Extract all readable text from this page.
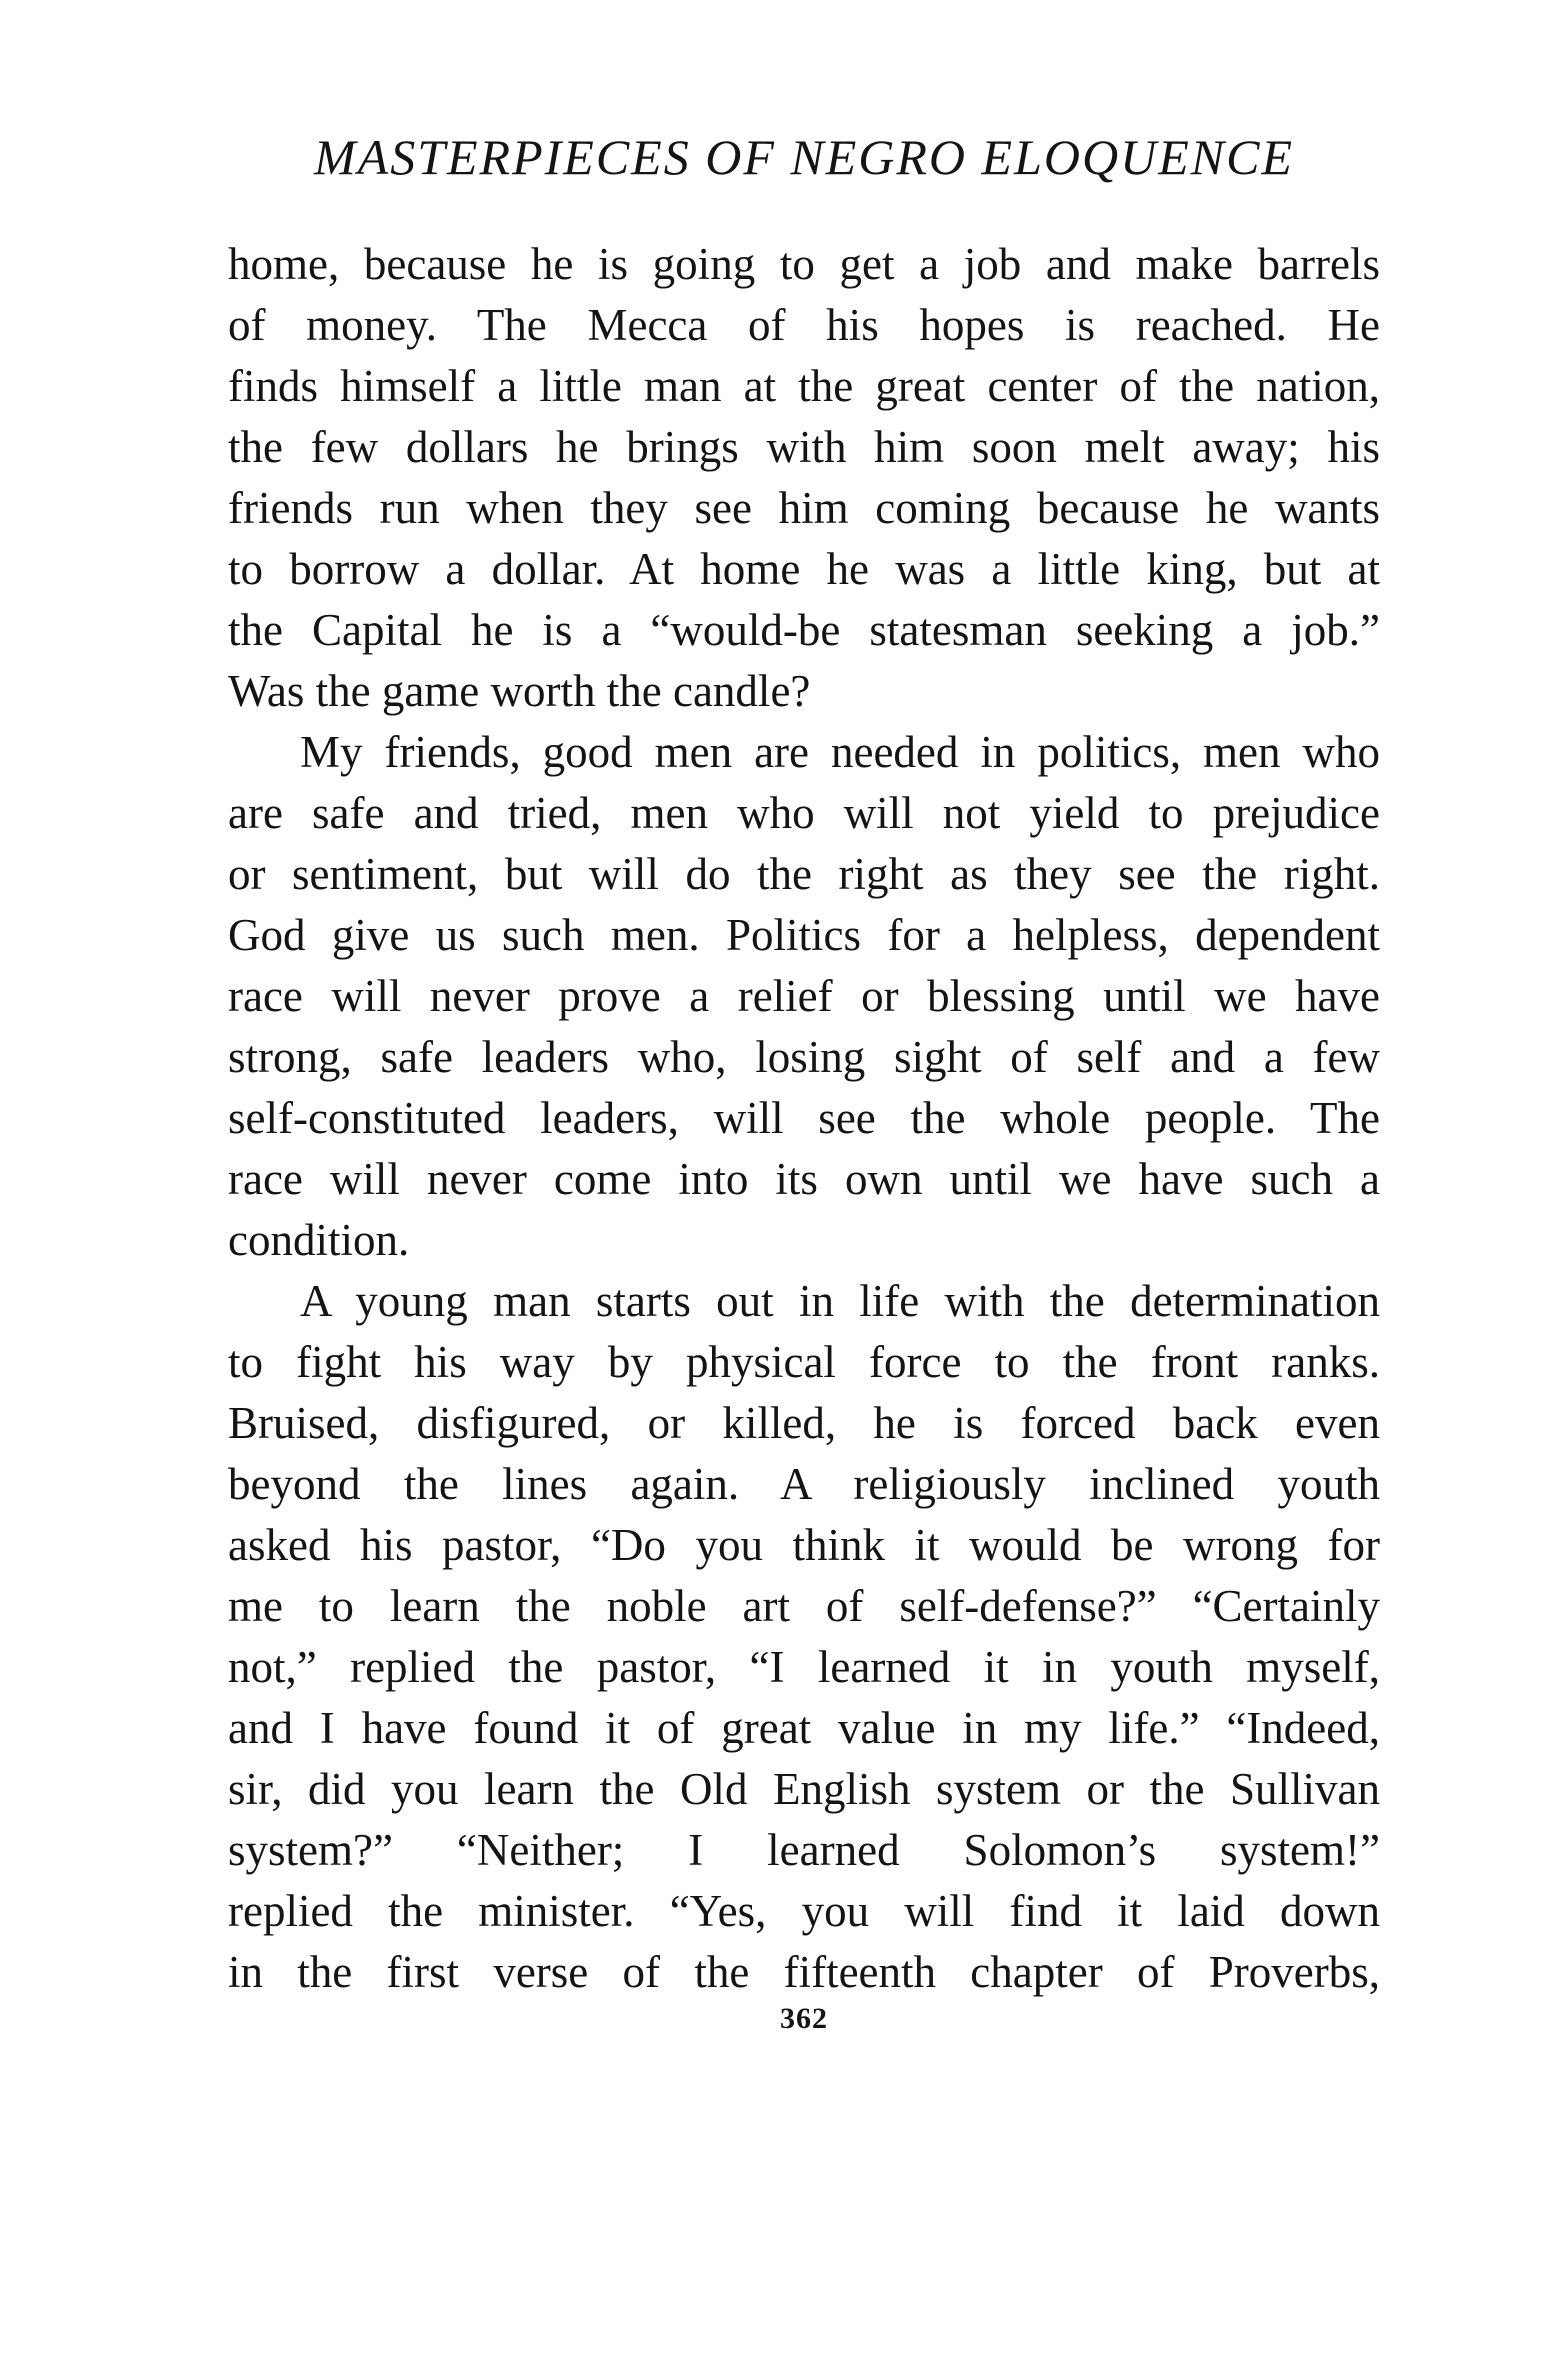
MASTERPIECES OF NEGRO ELOQUENCE
home, because he is going to get a job and make barrels
of money. The Mecca of his hopes is reached. He
finds himself a little man at the great center of the nation,
the few dollars he brings with him soon melt away; his
friends run when they see him coming because he wants
to borrow a dollar. At home he was a little king, but at
the Capital he is a “would-be statesman seeking a job.”
Was the game worth the candle?
My friends, good men are needed in politics, men who
are safe and tried, men who will not yield to prejudice
or sentiment, but will do the right as they see the right.
God give us such men. Politics for a helpless, dependent
race will never prove a relief or blessing until we have
strong, safe leaders who, losing sight of self and a few
self-constituted leaders, will see the whole people. The
race will never come into its own until we have such a
condition.
A young man starts out in life with the determination
to fight his way by physical force to the front ranks.
Bruised, disfigured, or killed, he is forced back even
beyond the lines again. A religiously inclined youth
asked his pastor, “Do you think it would be wrong for
me to learn the noble art of self-defense?” “Certainly
not,” replied the pastor, “I learned it in youth myself,
and I have found it of great value in my life.” “Indeed,
sir, did you learn the Old English system or the Sullivan
system?” “Neither; I learned Solomon’s system!”
replied the minister. “Yes, you will find it laid down
in the first verse of the fifteenth chapter of Proverbs,
362
